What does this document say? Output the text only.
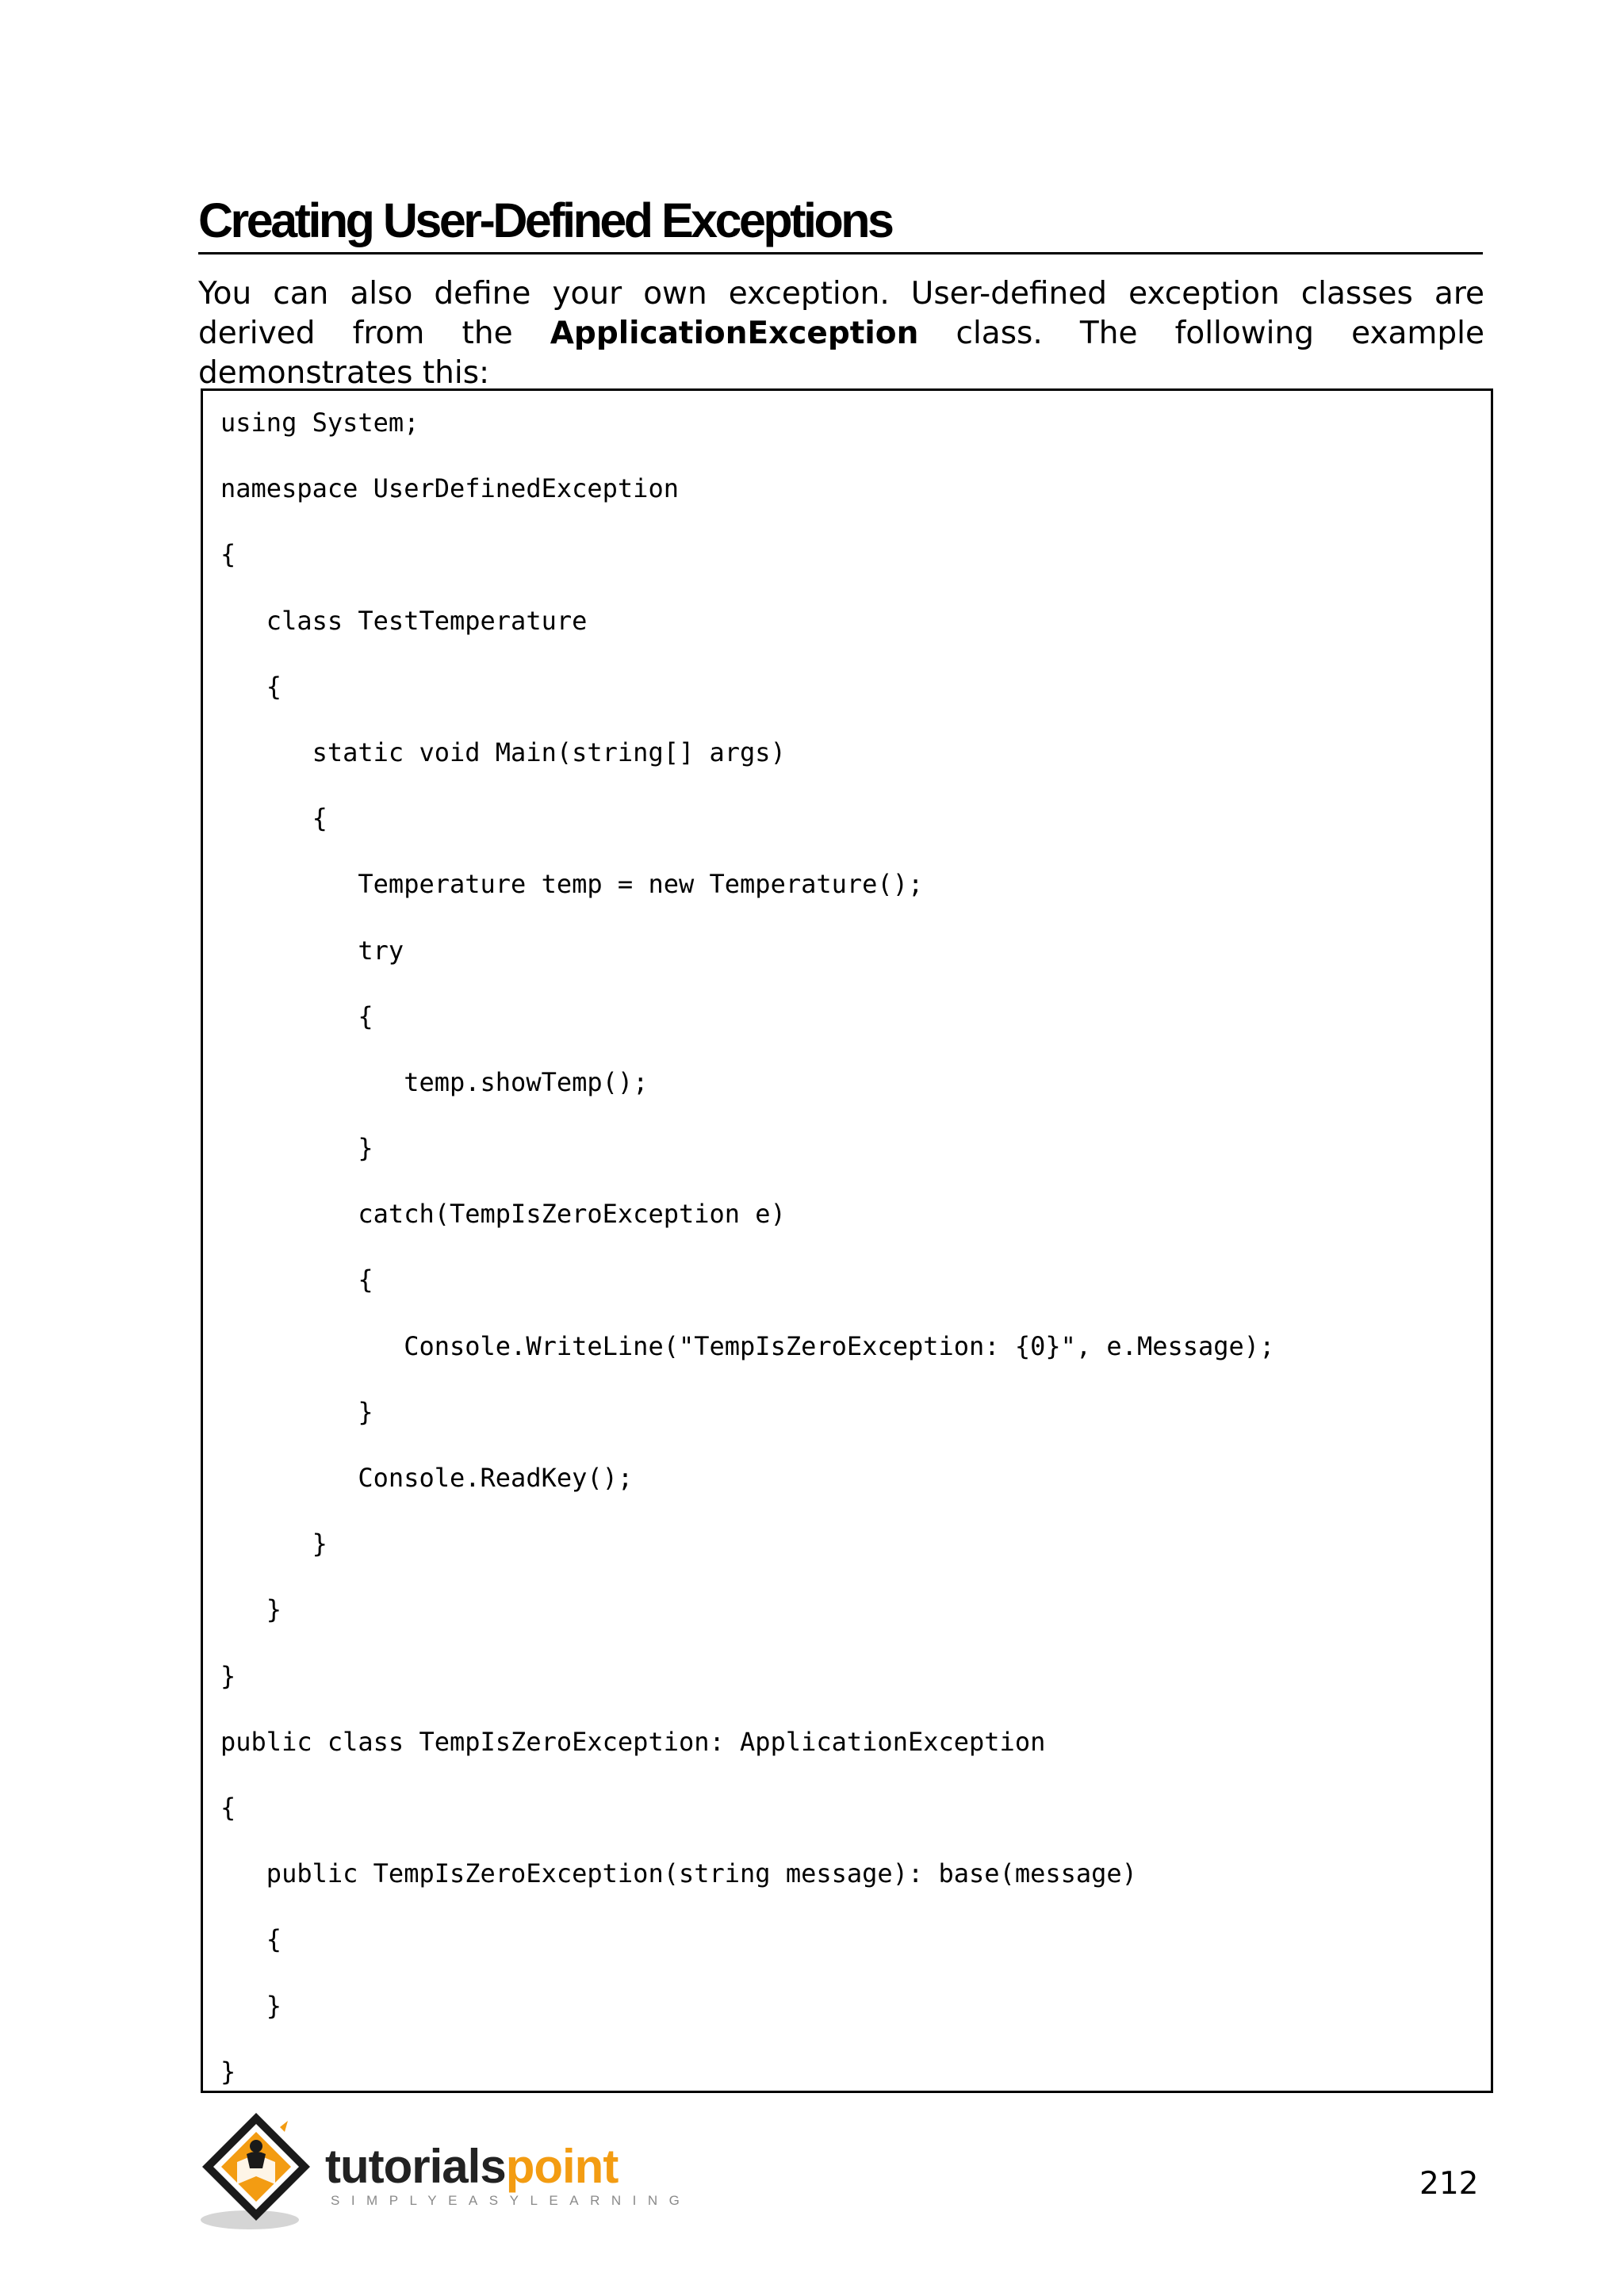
Creating User-Defined Exceptions

You can also define your own exception. User-defined exception classes are derived from the ApplicationException class. The following example demonstrates this:

using System;
namespace UserDefinedException
{
class TestTemperature
{
static void Main(string[] args)
{
Temperature temp = new Temperature();
try
{
temp.showTemp();
}
catch(TempIsZeroException e)
{
Console.WriteLine("TempIsZeroException: {0}", e.Message);
}
Console.ReadKey();
}
}
}
public class TempIsZeroException: ApplicationException
{
public TempIsZeroException(string message): base(message)
{
}
}
tutorialspoint
SIMPLYEASYLEARNING	212
